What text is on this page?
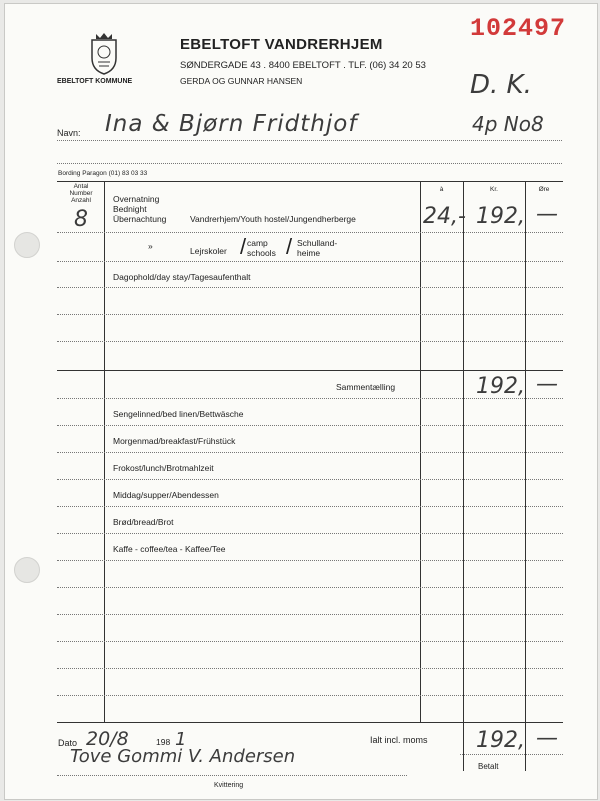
EBELTOFT KOMMUNE
102497
EBELTOFT VANDRERHJEM
SØNDERGADE 43 . 8400 EBELTOFT . TLF. (06) 34 20 53
GERDA OG GUNNAR HANSEN	D. K.
Navn: Ina & Bjørn Fridthjof	4p No8
Bording Paragon (01) 83 03 33
Antal
Number
Anzahl
à	Kr.	Øre
Overnatning
Bednight
Übernachtung	Vandrerhjem/Youth hostel/Jungendherberge
8	24,- 192, —
»	Lejrskoler / camp
schools / Schulland-
heime
Dagophold/day stay/Tagesaufenthalt
Sammentælling	192, —
Sengelinned/bed linen/Bettwäsche
Morgenmad/breakfast/Frühstück
Frokost/lunch/Brotmahlzeit
Middag/supper/Abendessen
Brød/bread/Brot
Kaffe - coffee/tea - Kaffee/Tee
Dato 20/8	198 1	Ialt incl. moms 192, —
Betalt
Tove Gommi V. Andersen
Kvittering
